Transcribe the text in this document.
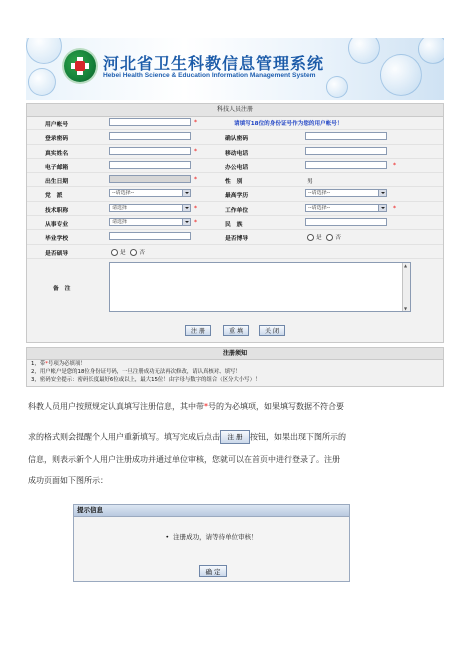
河北省卫生科教信息管理系统
Hebei Health Science & Education Information Management System
科技人员注册
用户帐号	*	请填写18位的身份证号作为您的用户帐号！
登录密码	确认密码
真实姓名	*	移动电话
电子邮箱	办公电话	*
出生日期	*	性　别	男
党　派	--请选择--	最高学历	--请选择--
技术职称	请选择	*	工作单位	--请选择--	*
从事专业	请选择	*	民　族
毕业学校	是否博导	是 否
是否硕导	是 否
备　注
▲ ▼
注 册	重 填	关 闭
注册须知
1，带*号项为必填项！
2，用户帐户是您的18位身份证号码，一旦注册成功无法再次修改，请认真核对、填写！
3，密码安全提示：密码长度最好6位或以上，最大15位！由字母与数字的组合（区分大小写）！
科教人员用户按照规定认真填写注册信息，其中带*号的为必填项，如果填写数据不符合要
求的格式则会提醒个人用户重新填写。填写完成后点击 注 册 按钮，如果出现下图所示的
信息，则表示新个人用户注册成功并通过单位审核，您就可以在首页中进行登录了。注册
成功页面如下图所示：
提示信息
• 注册成功，请等待单位审核！
确 定
